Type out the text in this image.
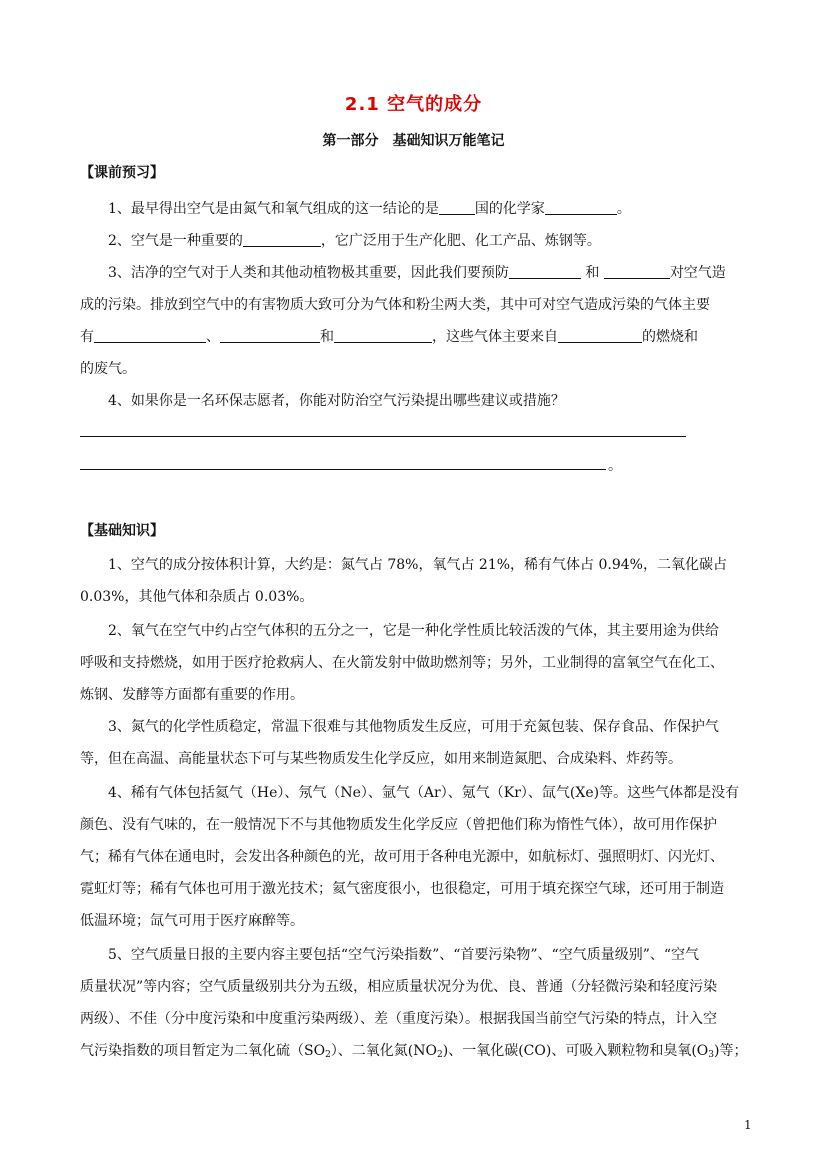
2.1 空气的成分
第一部分　基础知识万能笔记
【课前预习】
1、最早得出空气是由氮气和氧气组成的这一结论的是	国的化学家	。
2、空气是一种重要的	，它广泛用于生产化肥、化工产品、炼钢等。
3、洁净的空气对于人类和其他动植物极其重要，因此我们要预防	和	对空气造
成的污染。排放到空气中的有害物质大致可分为气体和粉尘两大类，其中可对空气造成污染的气体主要
有	、	和	，这些气体主要来自	的燃烧和
的废气。
4、如果你是一名环保志愿者，你能对防治空气污染提出哪些建议或措施？
。
【基础知识】
1、空气的成分按体积计算，大约是：氮气占 78%，氧气占 21%，稀有气体占 0.94%，二氧化碳占
0.03%，其他气体和杂质占 0.03%。
2、氧气在空气中约占空气体积的五分之一，它是一种化学性质比较活泼的气体，其主要用途为供给
呼吸和支持燃烧，如用于医疗抢救病人、在火箭发射中做助燃剂等；另外，工业制得的富氧空气在化工、
炼钢、发酵等方面都有重要的作用。
3、氮气的化学性质稳定，常温下很难与其他物质发生反应，可用于充氮包装、保存食品、作保护气
等，但在高温、高能量状态下可与某些物质发生化学反应，如用来制造氮肥、合成染料、炸药等。
4、稀有气体包括氦气（He）、氖气（Ne）、氩气（Ar）、氪气（Kr）、氙气(Xe)等。这些气体都是没有
颜色、没有气味的，在一般情况下不与其他物质发生化学反应（曾把他们称为惰性气体），故可用作保护
气；稀有气体在通电时，会发出各种颜色的光，故可用于各种电光源中，如航标灯、强照明灯、闪光灯、
霓虹灯等；稀有气体也可用于激光技术；氦气密度很小，也很稳定，可用于填充探空气球，还可用于制造
低温环境；氙气可用于医疗麻醉等。
5、空气质量日报的主要内容主要包括“空气污染指数”、“首要污染物”、“空气质量级别”、“空气
质量状况”等内容；空气质量级别共分为五级，相应质量状况分为优、良、普通（分轻微污染和轻度污染
两级）、不佳（分中度污染和中度重污染两级）、差（重度污染）。根据我国当前空气污染的特点，计入空
气污染指数的项目暂定为二氧化硫$(SO_2)$、二氧化氮$(NO_2)$、一氧化碳(CO)、可吸入颗粒物和臭氧$(O_3)$等；
1
